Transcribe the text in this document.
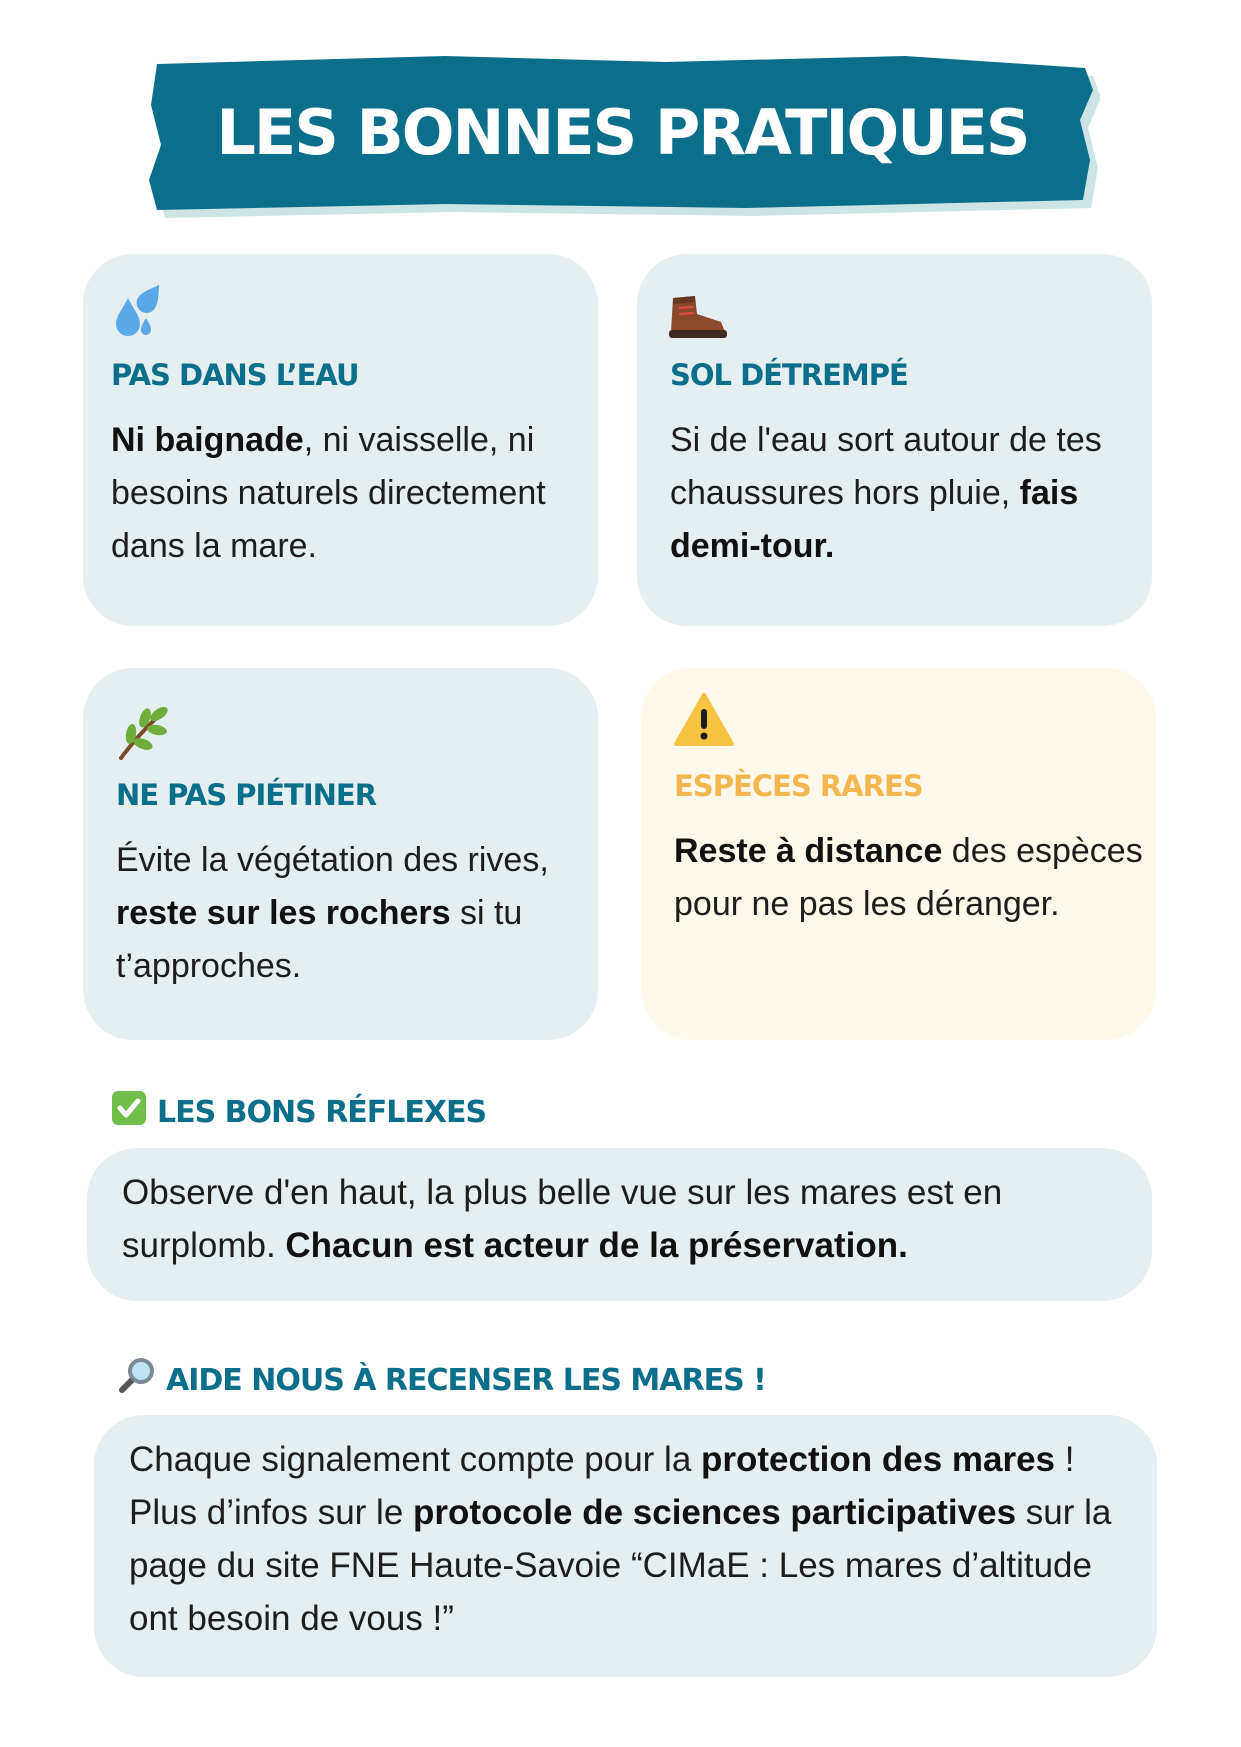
LES BONNES PRATIQUES
PAS DANS L’EAU
Ni baignade, ni vaisselle, ni besoins naturels directement dans la mare.
SOL DÉTREMPÉ
Si de l'eau sort autour de tes chaussures hors pluie, fais demi-tour.
NE PAS PIÉTINER
Évite la végétation des rives, reste sur les rochers si tu t’approches.
ESPÈCES RARES
Reste à distance des espèces pour ne pas les déranger.
LES BONS RÉFLEXES
Observe d'en haut, la plus belle vue sur les mares est en surplomb. Chacun est acteur de la préservation.
AIDE NOUS À RECENSER LES MARES !
Chaque signalement compte pour la protection des mares ! Plus d’infos sur le protocole de sciences participatives sur la page du site FNE Haute-Savoie “CIMaE : Les mares d’altitude ont besoin de vous !”
